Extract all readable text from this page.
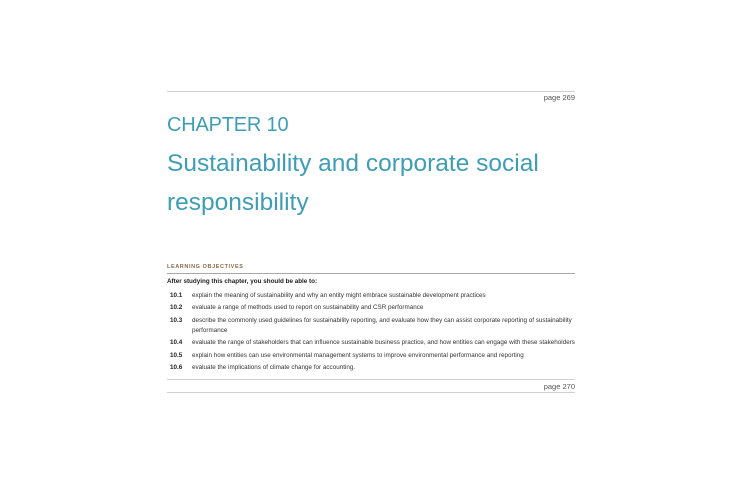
page 269
CHAPTER 10
Sustainability and corporate social
responsibility
LEARNING OBJECTIVES
After studying this chapter, you should be able to:
10.1	explain the meaning of sustainability and why an entity might embrace sustainable development practices
10.2	evaluate a range of methods used to report on sustainability and CSR performance
10.3	describe the commonly used guidelines for sustainability reporting, and evaluate how they can assist corporate reporting of sustainability performance
10.4	evaluate the range of stakeholders that can influence sustainable business practice, and how entities can engage with these stakeholders
10.5	explain how entities can use environmental management systems to improve environmental performance and reporting
10.6	evaluate the implications of climate change for accounting.
page 270
